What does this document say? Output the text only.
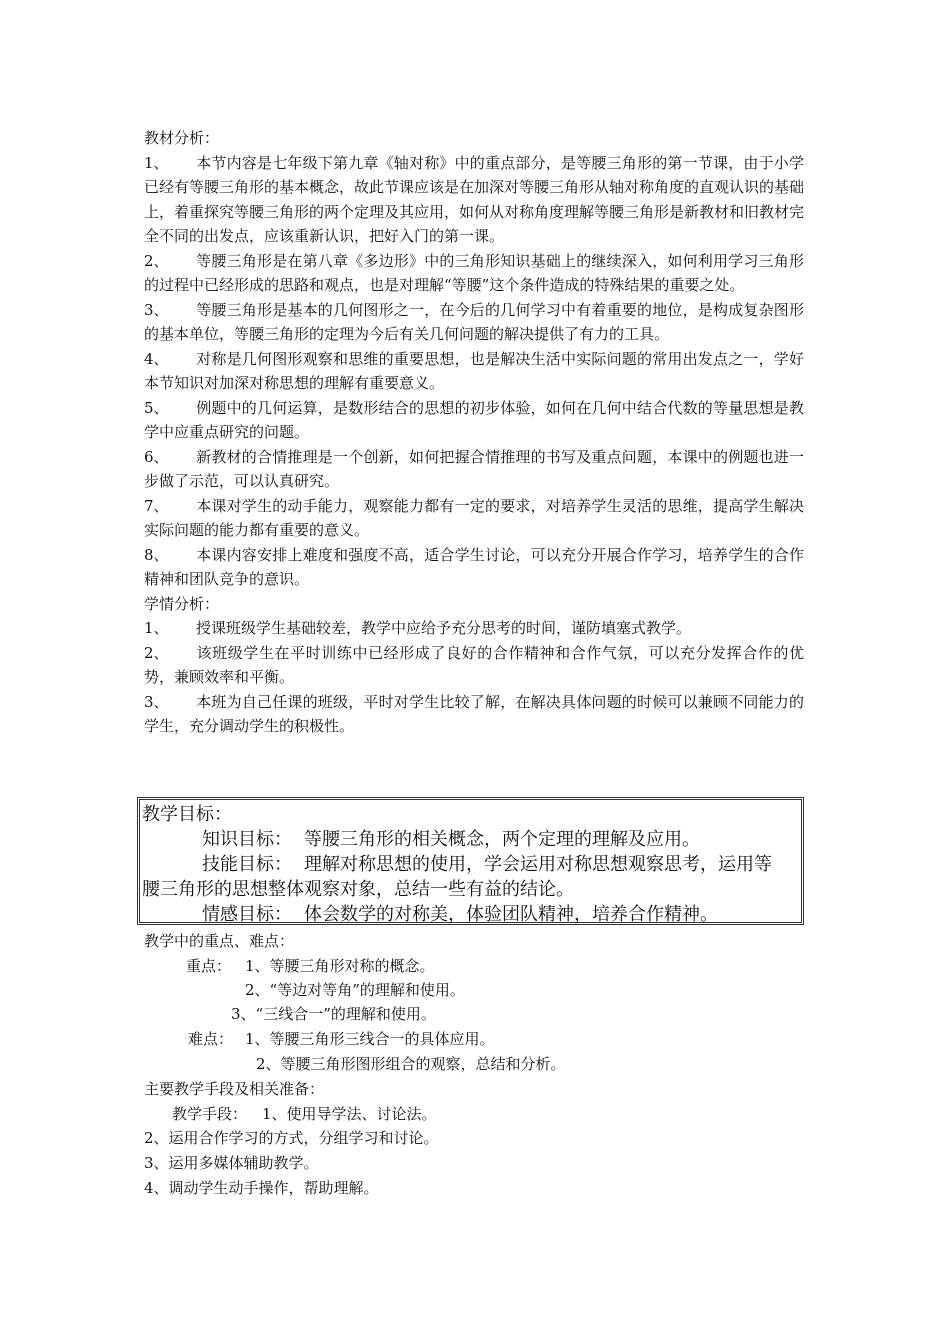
教材分析：
1、 本节内容是七年级下第九章《轴对称》中的重点部分，是等腰三角形的第一节课，由于小学已经有等腰三角形的基本概念，故此节课应该是在加深对等腰三角形从轴对称角度的直观认识的基础上，着重探究等腰三角形的两个定理及其应用，如何从对称角度理解等腰三角形是新教材和旧教材完全不同的出发点，应该重新认识，把好入门的第一课。
2、 等腰三角形是在第八章《多边形》中的三角形知识基础上的继续深入，如何利用学习三角形的过程中已经形成的思路和观点，也是对理解“等腰”这个条件造成的特殊结果的重要之处。
3、 等腰三角形是基本的几何图形之一，在今后的几何学习中有着重要的地位，是构成复杂图形的基本单位，等腰三角形的定理为今后有关几何问题的解决提供了有力的工具。
4、 对称是几何图形观察和思维的重要思想，也是解决生活中实际问题的常用出发点之一，学好本节知识对加深对称思想的理解有重要意义。
5、 例题中的几何运算，是数形结合的思想的初步体验，如何在几何中结合代数的等量思想是教学中应重点研究的问题。
6、 新教材的合情推理是一个创新，如何把握合情推理的书写及重点问题，本课中的例题也进一步做了示范，可以认真研究。
7、 本课对学生的动手能力，观察能力都有一定的要求，对培养学生灵活的思维，提高学生解决实际问题的能力都有重要的意义。
8、 本课内容安排上难度和强度不高，适合学生讨论，可以充分开展合作学习，培养学生的合作精神和团队竞争的意识。
学情分析：
1、 授课班级学生基础较差，教学中应给予充分思考的时间，谨防填塞式教学。
2、 该班级学生在平时训练中已经形成了良好的合作精神和合作气氛，可以充分发挥合作的优势，兼顾效率和平衡。
3、 本班为自己任课的班级，平时对学生比较了解，在解决具体问题的时候可以兼顾不同能力的学生，充分调动学生的积极性。
教学目标：
知识目标： 等腰三角形的相关概念，两个定理的理解及应用。
技能目标： 理解对称思想的使用，学会运用对称思想观察思考，运用等
腰三角形的思想整体观察对象，总结一些有益的结论。
情感目标： 体会数学的对称美，体验团队精神，培养合作精神。
教学中的重点、难点：
重点： 1、等腰三角形对称的概念。
2、“等边对等角”的理解和使用。
3、“三线合一”的理解和使用。
难点： 1、等腰三角形三线合一的具体应用。
2、等腰三角形图形组合的观察，总结和分析。
主要教学手段及相关准备：
教学手段： 1、使用导学法、讨论法。
2、运用合作学习的方式，分组学习和讨论。
3、运用多媒体辅助教学。
4、调动学生动手操作，帮助理解。
